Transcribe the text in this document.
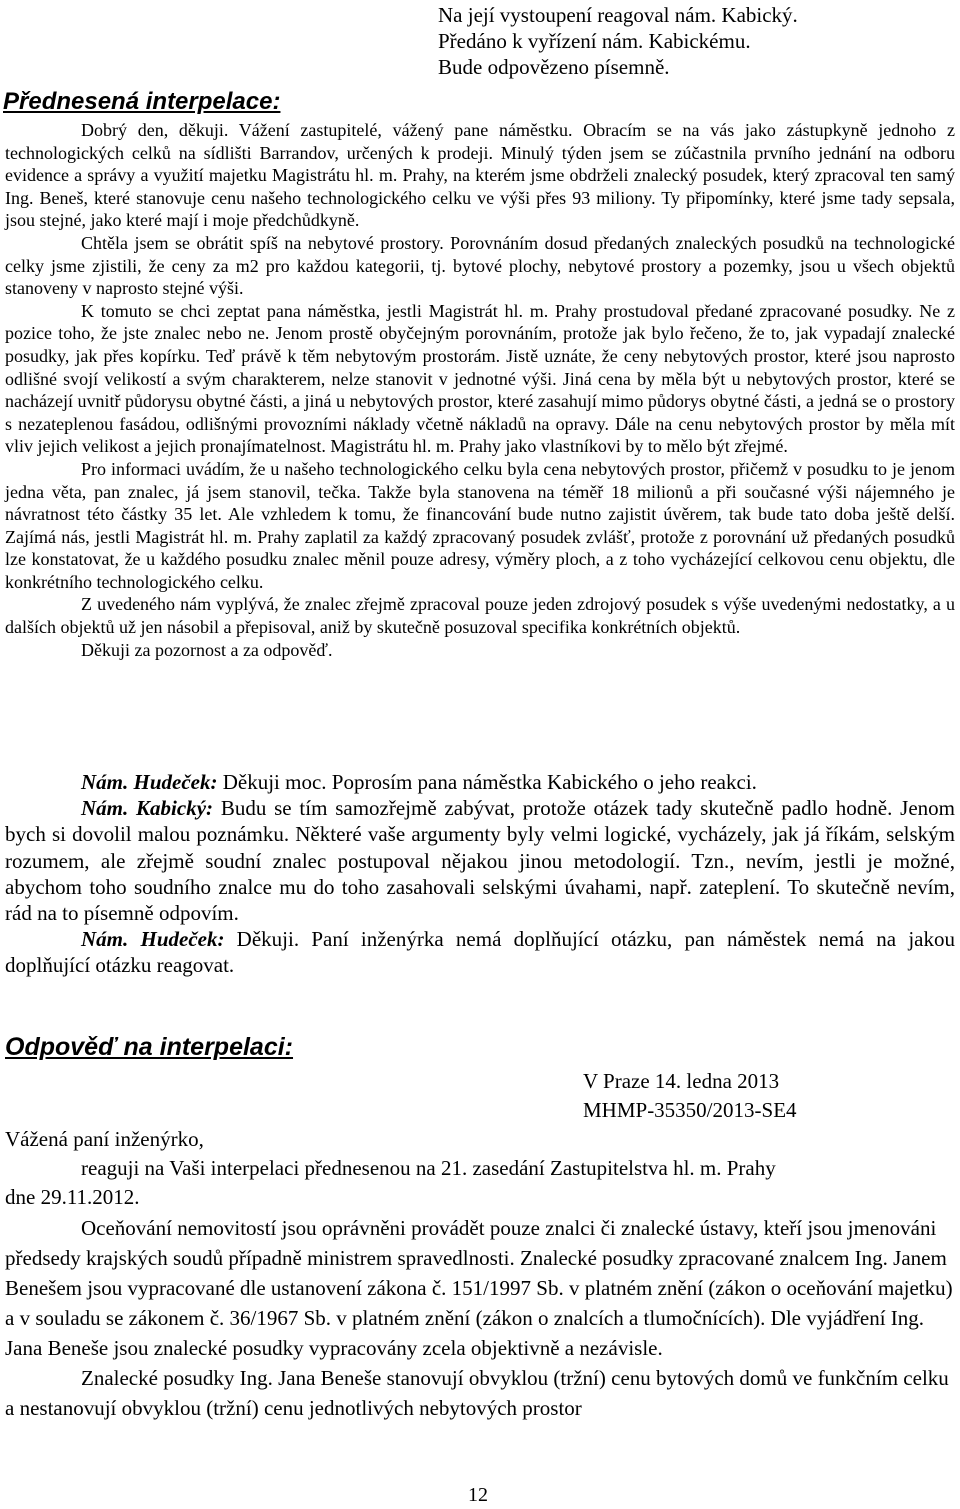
Na její vystoupení reagoval nám. Kabický.
Předáno k vyřízení nám. Kabickému.
Bude odpovězeno písemně.
Přednesená interpelace:

Dobrý den, děkuji. Vážení zastupitelé, vážený pane náměstku. Obracím se na vás jako zástupkyně jednoho z technologických celků na sídlišti Barrandov, určených k prodeji. Minulý týden jsem se zúčastnila prvního jednání na odboru evidence a správy a využití majetku Magistrátu hl. m. Prahy, na kterém jsme obdrželi znalecký posudek, který zpracoval ten samý Ing. Beneš, které stanovuje cenu našeho technologického celku ve výši přes 93 miliony. Ty připomínky, které jsme tady sepsala, jsou stejné, jako které mají i moje předchůdkyně.

Chtěla jsem se obrátit spíš na nebytové prostory. Porovnáním dosud předaných znaleckých posudků na technologické celky jsme zjistili, že ceny za m2 pro každou kategorii, tj. bytové plochy, nebytové prostory a pozemky, jsou u všech objektů stanoveny v naprosto stejné výši.

K tomuto se chci zeptat pana náměstka, jestli Magistrát hl. m. Prahy prostudoval předané zpracované posudky. Ne z pozice toho, že jste znalec nebo ne. Jenom prostě obyčejným porovnáním, protože jak bylo řečeno, že to, jak vypadají znalecké posudky, jak přes kopírku. Teď právě k těm nebytovým prostorám. Jistě uznáte, že ceny nebytových prostor, které jsou naprosto odlišné svojí velikostí a svým charakterem, nelze stanovit v jednotné výši. Jiná cena by měla být u nebytových prostor, které se nacházejí uvnitř půdorysu obytné části, a jiná u nebytových prostor, které zasahují mimo půdorys obytné části, a jedná se o prostory s nezateplenou fasádou, odlišnými provozními náklady včetně nákladů na opravy. Dále na cenu nebytových prostor by měla mít vliv jejich velikost a jejich pronajímatelnost. Magistrátu hl. m. Prahy jako vlastníkovi by to mělo být zřejmé.

Pro informaci uvádím, že u našeho technologického celku byla cena nebytových prostor, přičemž v posudku to je jenom jedna věta, pan znalec, já jsem stanovil, tečka. Takže byla stanovena na téměř 18 milionů a při současné výši nájemného je návratnost této částky 35 let. Ale vzhledem k tomu, že financování bude nutno zajistit úvěrem, tak bude tato doba ještě delší. Zajímá nás, jestli Magistrát hl. m. Prahy zaplatil za každý zpracovaný posudek zvlášť, protože z porovnání už předaných posudků lze konstatovat, že u každého posudku znalec měnil pouze adresy, výměry ploch, a z toho vycházející celkovou cenu objektu, dle konkrétního technologického celku.

Z uvedeného nám vyplývá, že znalec zřejmě zpracoval pouze jeden zdrojový posudek s výše uvedenými nedostatky, a u dalších objektů už jen násobil a přepisoval, aniž by skutečně posuzoval specifika konkrétních objektů.

Děkuji za pozornost a za odpověď.

Nám. Hudeček: Děkuji moc. Poprosím pana náměstka Kabického o jeho reakci.

Nám. Kabický: Budu se tím samozřejmě zabývat, protože otázek tady skutečně padlo hodně. Jenom bych si dovolil malou poznámku. Některé vaše argumenty byly velmi logické, vycházely, jak já říkám, selským rozumem, ale zřejmě soudní znalec postupoval nějakou jinou metodologií. Tzn., nevím, jestli je možné, abychom toho soudního znalce mu do toho zasahovali selskými úvahami, např. zateplení. To skutečně nevím, rád na to písemně odpovím.

Nám. Hudeček: Děkuji. Paní inženýrka nemá doplňující otázku, pan náměstek nemá na jakou doplňující otázku reagovat.

Odpověď na interpelaci:
V Praze 14. ledna 2013
MHMP-35350/2013-SE4
Vážená paní inženýrko,
reaguji na Vaši interpelaci přednesenou na 21. zasedání Zastupitelstva hl. m. Prahy
dne 29.11.2012.

Oceňování nemovitostí jsou oprávněni provádět pouze znalci či znalecké ústavy, kteří jsou jmenováni předsedy krajských soudů případně ministrem spravedlnosti. Znalecké posudky zpracované znalcem Ing. Janem Benešem jsou vypracované dle ustanovení zákona č. 151/1997 Sb. v platném znění (zákon o oceňování majetku) a v souladu se zákonem č. 36/1967 Sb. v platném znění (zákon o znalcích a tlumočnících). Dle vyjádření Ing. Jana Beneše jsou znalecké posudky vypracovány zcela objektivně a nezávisle.

Znalecké posudky Ing. Jana Beneše stanovují obvyklou (tržní) cenu bytových domů ve funkčním celku a nestanovují obvyklou (tržní) cenu jednotlivých nebytových prostor

12
